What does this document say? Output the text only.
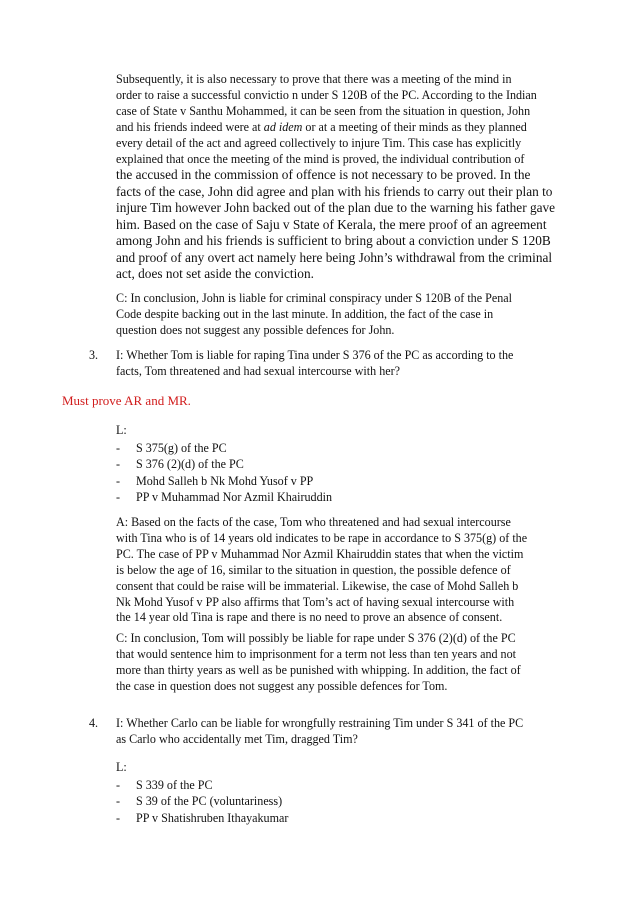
Subsequently, it is also necessary to prove that there was a meeting of the mind in

order to raise a successful convictio n under S 120B of the PC. According to the Indian

case of State v Santhu Mohammed, it can be seen from the situation in question, John

and his friends indeed were at ad idem or at a meeting of their minds as they planned

every detail of the act and agreed collectively to injure Tim. This case has explicitly

explained that once the meeting of the mind is proved, the individual contribution of

the accused in the commission of offence is not necessary to be proved. In the

facts of the case, John did agree and plan with his friends to carry out their plan to

injure Tim however John backed out of the plan due to the warning his father gave

him. Based on the case of Saju v State of Kerala, the mere proof of an agreement

among John and his friends is sufficient to bring about a conviction under S 120B

and proof of any overt act namely here being John’s withdrawal from the criminal

act, does not set aside the conviction.

C: In conclusion, John is liable for criminal conspiracy under S 120B of the Penal

Code despite backing out in the last minute. In addition, the fact of the case in

question does not suggest any possible defences for John.

3. I: Whether Tom is liable for raping Tina under S 376 of the PC as according to the

facts, Tom threatened and had sexual intercourse with her?

Must prove AR and MR.
L:
- S 375(g) of the PC
- S 376 (2)(d) of the PC
- Mohd Salleh b Nk Mohd Yusof v PP
- PP v Muhammad Nor Azmil Khairuddin

A: Based on the facts of the case, Tom who threatened and had sexual intercourse

with Tina who is of 14 years old indicates to be rape in accordance to S 375(g) of the

PC. The case of PP v Muhammad Nor Azmil Khairuddin states that when the victim

is below the age of 16, similar to the situation in question, the possible defence of

consent that could be raise will be immaterial. Likewise, the case of Mohd Salleh b

Nk Mohd Yusof v PP also affirms that Tom’s act of having sexual intercourse with

the 14 year old Tina is rape and there is no need to prove an absence of consent.

C: In conclusion, Tom will possibly be liable for rape under S 376 (2)(d) of the PC

that would sentence him to imprisonment for a term not less than ten years and not

more than thirty years as well as be punished with whipping. In addition, the fact of

the case in question does not suggest any possible defences for Tom.

4. I: Whether Carlo can be liable for wrongfully restraining Tim under S 341 of the PC

as Carlo who accidentally met Tim, dragged Tim?

L:
- S 339 of the PC
- S 39 of the PC (voluntariness)
- PP v Shatishruben Ithayakumar
